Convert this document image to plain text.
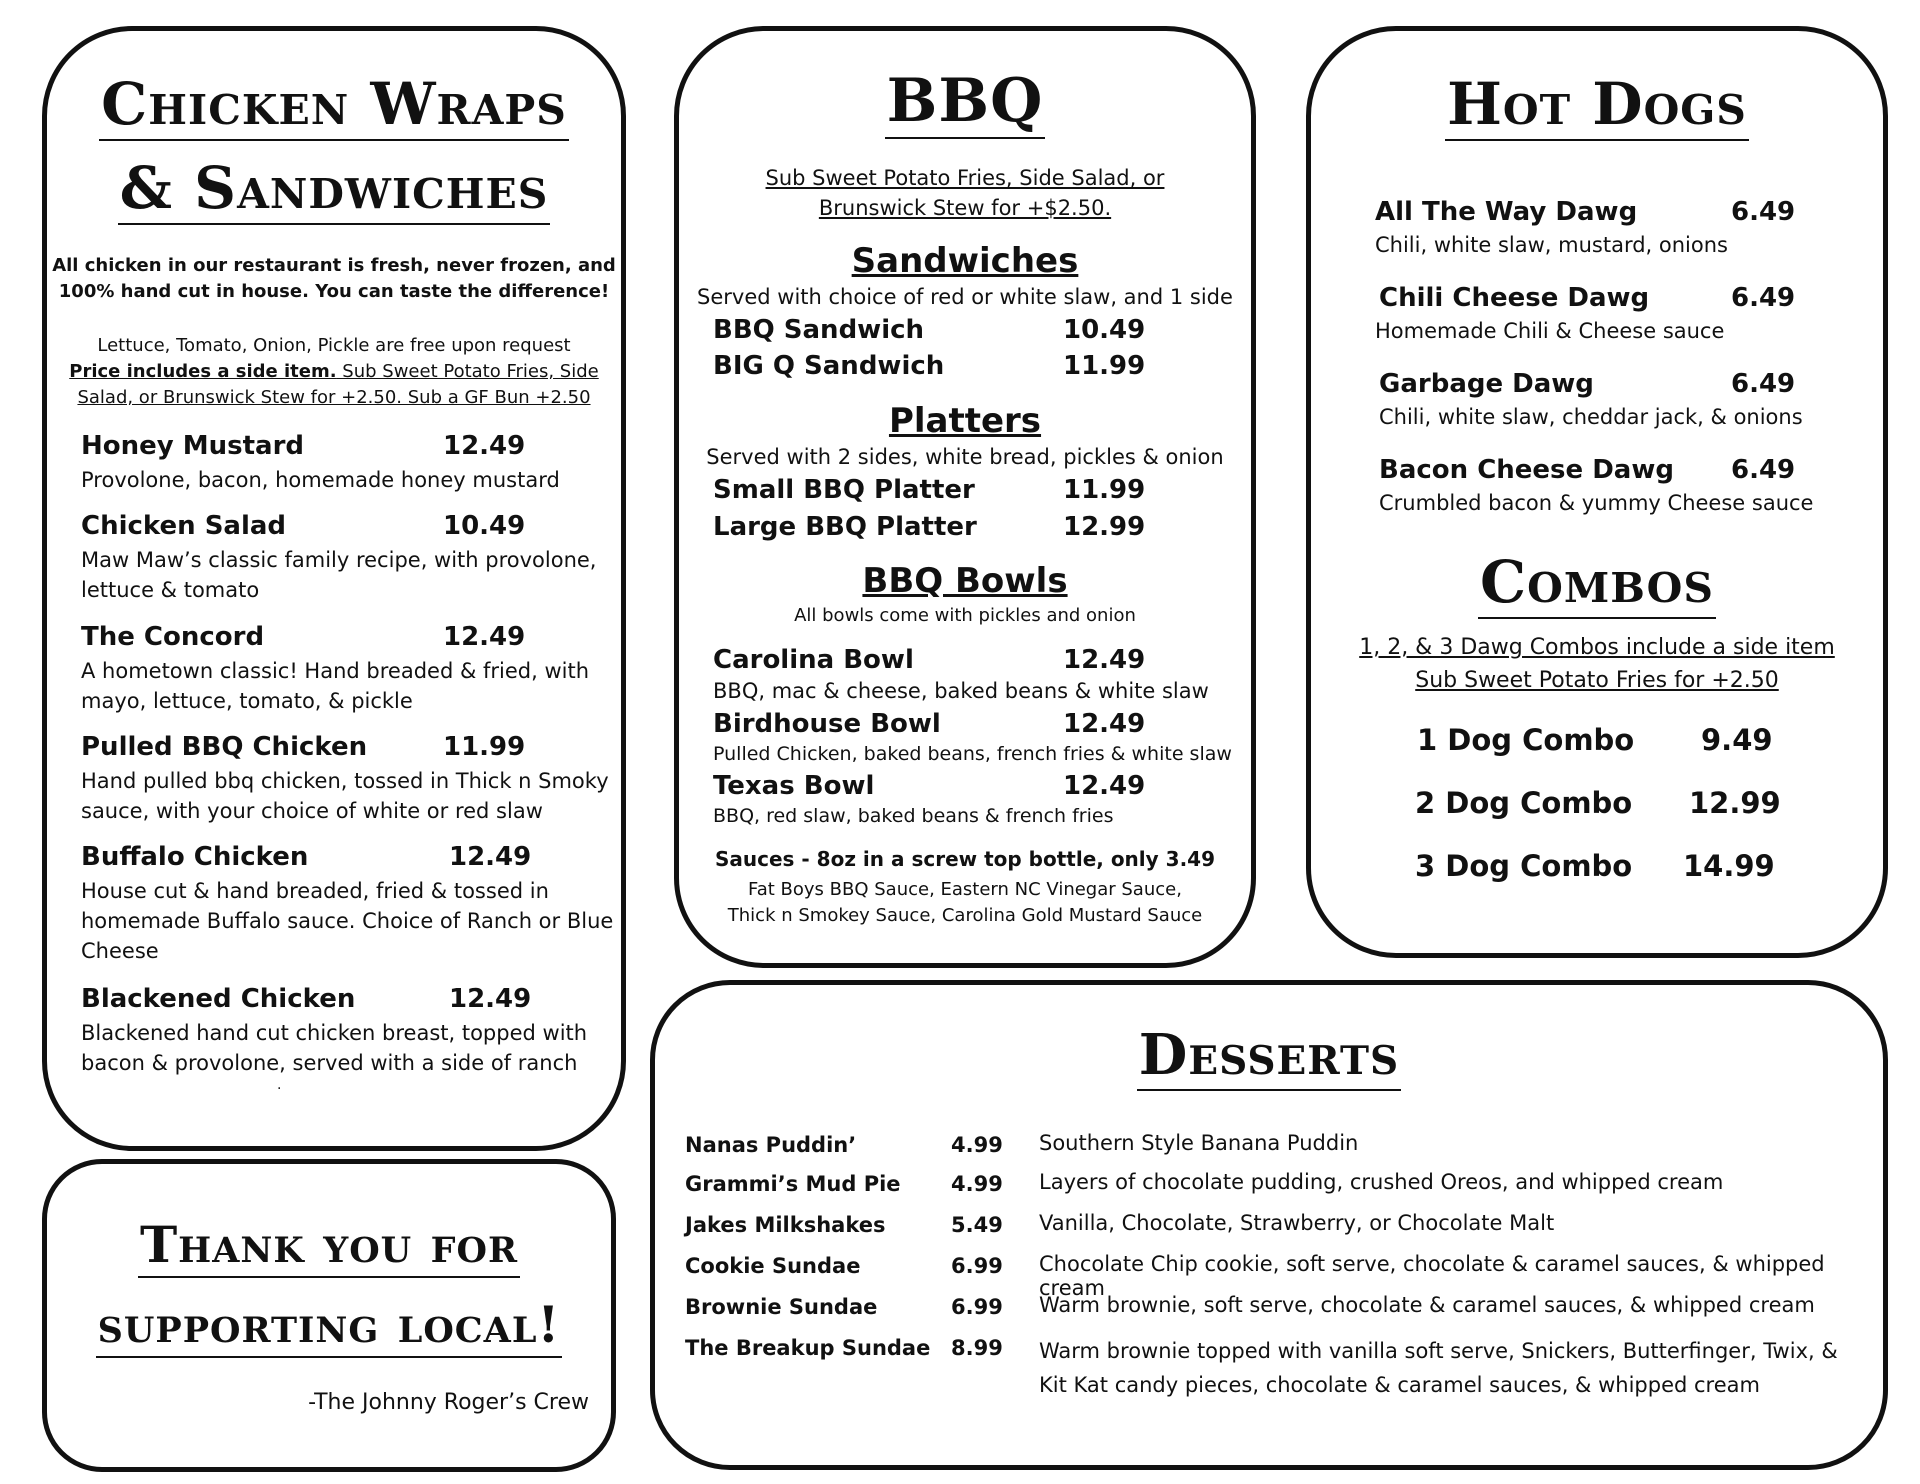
Chicken Wraps
& Sandwiches
All chicken in our restaurant is fresh, never frozen, and
100% hand cut in house. You can taste the difference!
Lettuce, Tomato, Onion, Pickle are free upon request
Price includes a side item. Sub Sweet Potato Fries, Side
Salad, or Brunswick Stew for +2.50. Sub a GF Bun +2.50
Honey Mustard	12.49
Provolone, bacon, homemade honey mustard
Chicken Salad	10.49
Maw Maw’s classic family recipe, with provolone,
lettuce & tomato
The Concord	12.49
A hometown classic! Hand breaded & fried, with
mayo, lettuce, tomato, & pickle
Pulled BBQ Chicken	11.99
Hand pulled bbq chicken, tossed in Thick n Smoky
sauce, with your choice of white or red slaw
Buffalo Chicken	12.49
House cut & hand breaded, fried & tossed in
homemade Buffalo sauce. Choice of Ranch or Blue
Cheese
Blackened Chicken	12.49
Blackened hand cut chicken breast, topped with
bacon & provolone, served with a side of ranch
.
Thank you for
supporting local!
-The Johnny Roger’s Crew
BBQ
Sub Sweet Potato Fries, Side Salad, or
Brunswick Stew for +$2.50.
Sandwiches
Served with choice of red or white slaw, and 1 side
BBQ Sandwich	10.49
BIG Q Sandwich	11.99
Platters
Served with 2 sides, white bread, pickles & onion
Small BBQ Platter	11.99
Large BBQ Platter	12.99
BBQ Bowls
All bowls come with pickles and onion
Carolina Bowl	12.49
BBQ, mac & cheese, baked beans & white slaw
Birdhouse Bowl	12.49
Pulled Chicken, baked beans, french fries & white slaw
Texas Bowl	12.49
BBQ, red slaw, baked beans & french fries
Sauces - 8oz in a screw top bottle, only 3.49
Fat Boys BBQ Sauce, Eastern NC Vinegar Sauce,
Thick n Smokey Sauce, Carolina Gold Mustard Sauce
Hot Dogs
All The Way Dawg	6.49
Chili, white slaw, mustard, onions
Chili Cheese Dawg	6.49
Homemade Chili & Cheese sauce
Garbage Dawg	6.49
Chili, white slaw, cheddar jack, & onions
Bacon Cheese Dawg 6.49
Crumbled bacon & yummy Cheese sauce
Combos
1, 2, & 3 Dawg Combos include a side item
Sub Sweet Potato Fries for +2.50
1 Dog Combo 9.49
2 Dog Combo 12.99
3 Dog Combo 14.99
Desserts
Nanas Puddin’	4.99 Southern Style Banana Puddin
Grammi’s Mud Pie 4.99 Layers of chocolate pudding, crushed Oreos, and whipped cream
Jakes Milkshakes	5.49 Vanilla, Chocolate, Strawberry, or Chocolate Malt
Cookie Sundae	6.99 Chocolate Chip cookie, soft serve, chocolate & caramel sauces, & whipped cream
Brownie Sundae	6.99 Warm brownie, soft serve, chocolate & caramel sauces, & whipped cream
The Breakup Sundae 8.99 Warm brownie topped with vanilla soft serve, Snickers, Butterfinger, Twix, &
Kit Kat candy pieces, chocolate & caramel sauces, & whipped cream
